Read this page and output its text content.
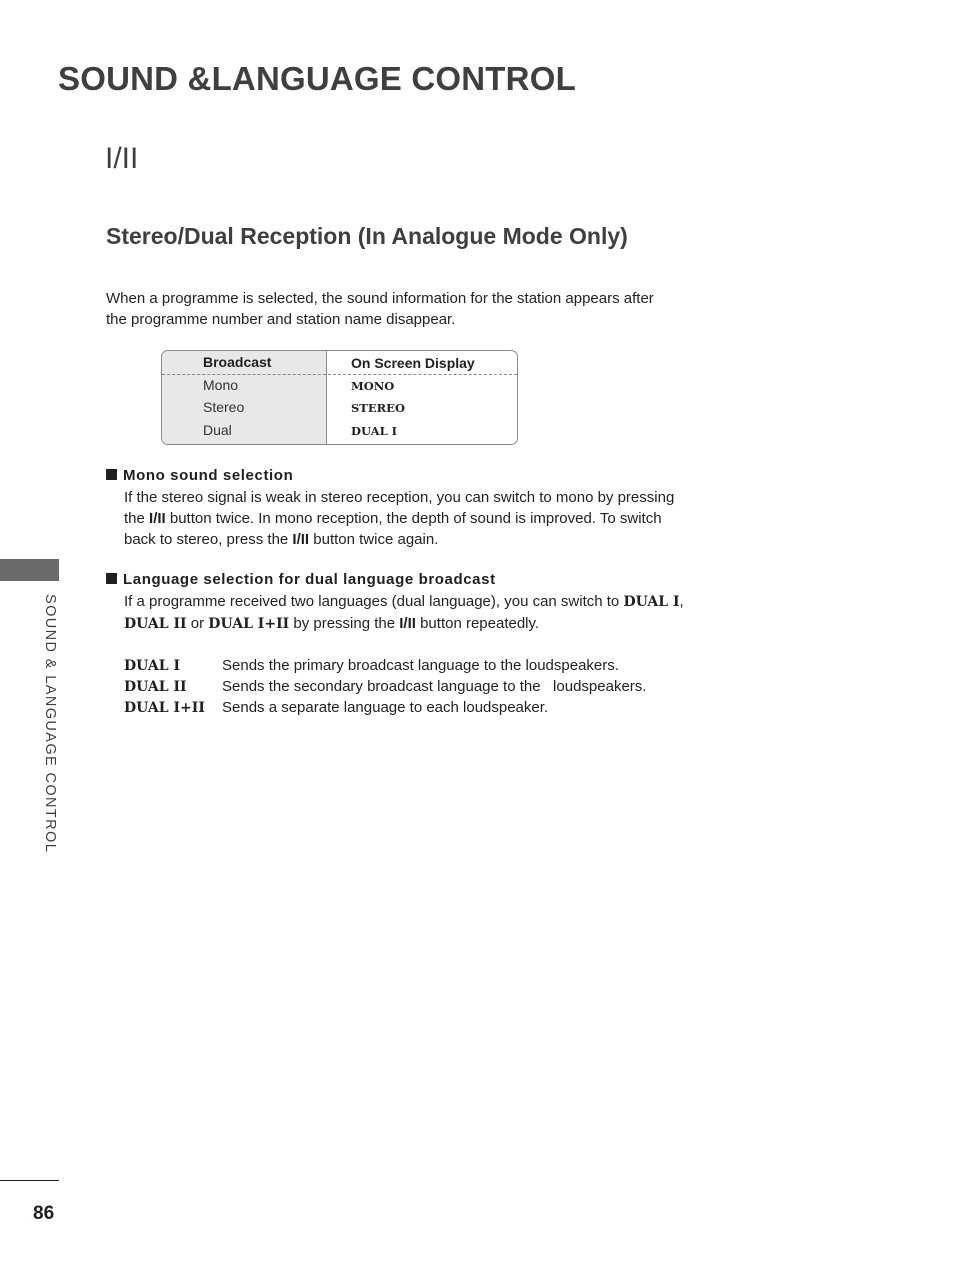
SOUND &LANGUAGE CONTROL
I/II
Stereo/Dual Reception (In Analogue Mode Only)
When a programme is selected, the sound information for the station appears after
the programme number and station name disappear.
Broadcast	On Screen Display
Mono	MONO
Stereo	STEREO
Dual	DUAL I
Mono sound selection
If the stereo signal is weak in stereo reception, you can switch to mono by pressing
the I/II button twice. In mono reception, the depth of sound is improved. To switch
back to stereo, press the I/II button twice again.
Language selection for dual language broadcast
If a programme received two languages (dual language), you can switch to DUAL I,
DUAL II or DUAL I+II by pressing the I/II button repeatedly.
DUAL I	Sends the primary broadcast language to the loudspeakers.
DUAL II Sends the secondary broadcast language to the   loudspeakers.
DUAL I+II Sends a separate language to each loudspeaker.
SOUND & LANGUAGE CONTROL
86
